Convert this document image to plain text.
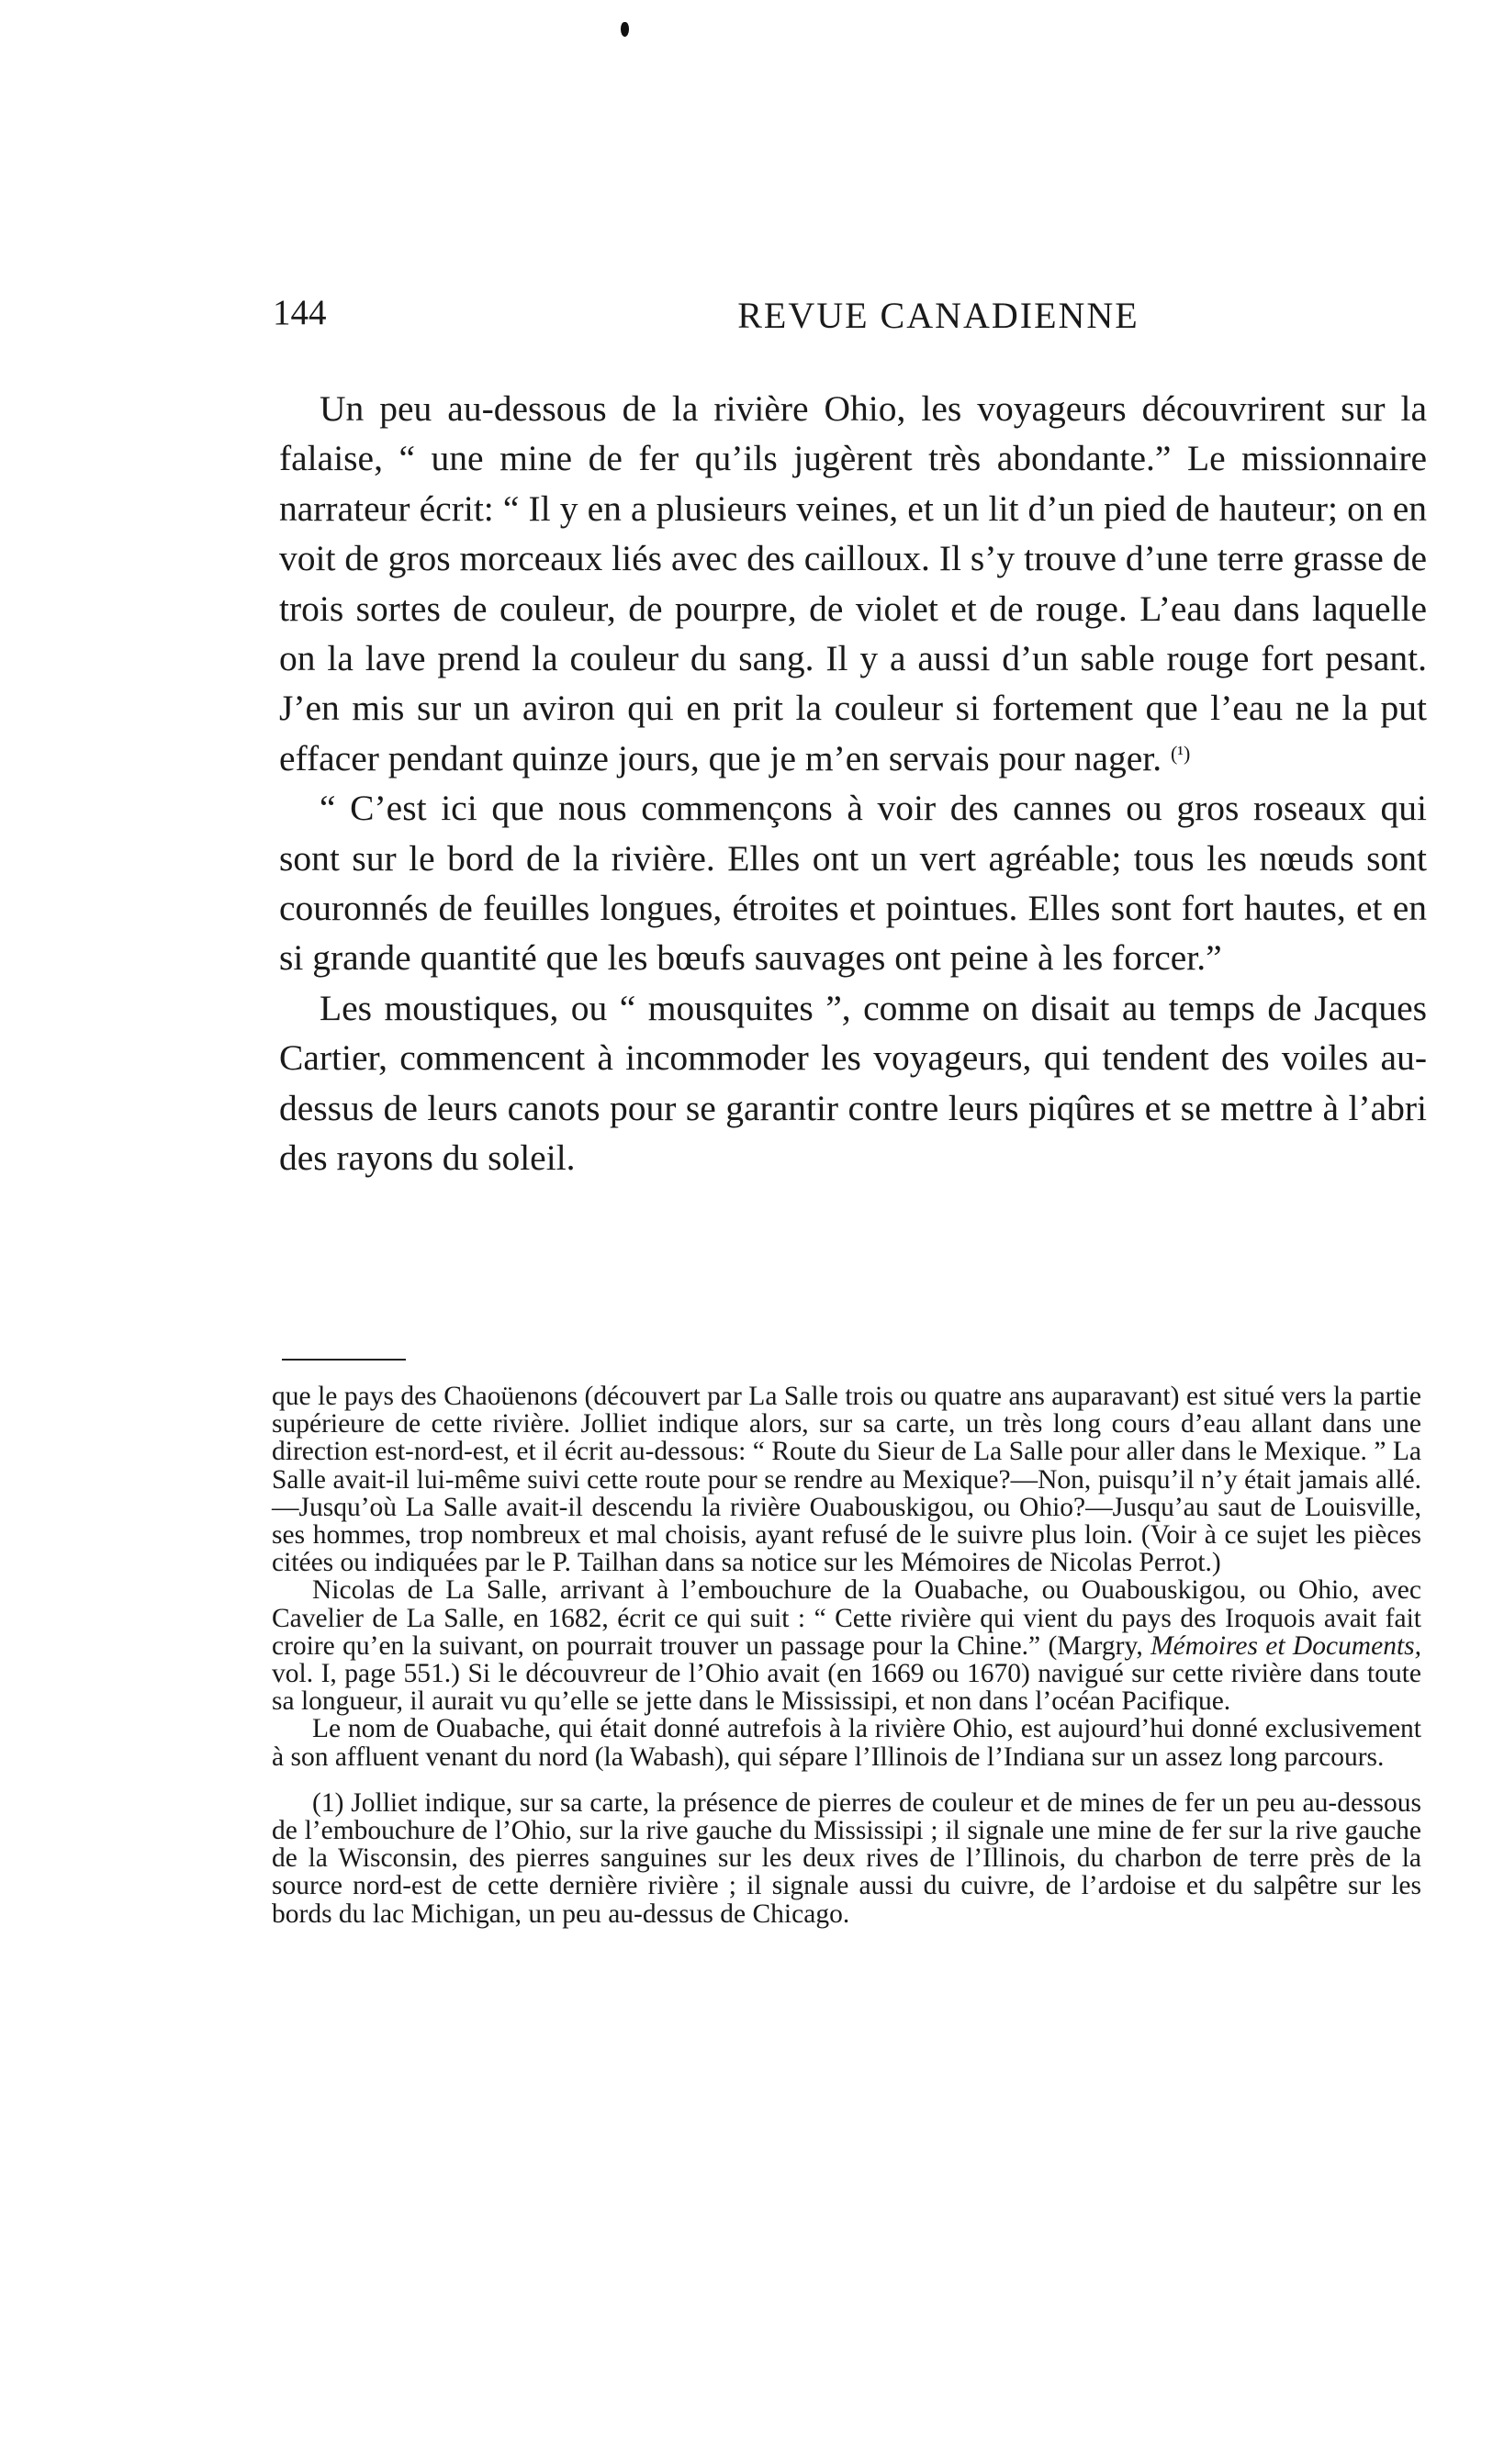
144	REVUE CANADIENNE

Un peu au-dessous de la rivière Ohio, les voyageurs découvrirent sur la falaise, “ une mine de fer qu’ils jugèrent très abondante.” Le missionnaire narrateur écrit: “ Il y en a plusieurs veines, et un lit d’un pied de hauteur; on en voit de gros morceaux liés avec des cailloux. Il s’y trouve d’une terre grasse de trois sortes de couleur, de pourpre, de violet et de rouge. L’eau dans laquelle on la lave prend la couleur du sang. Il y a aussi d’un sable rouge fort pesant. J’en mis sur un aviron qui en prit la couleur si fortement que l’eau ne la put effacer pendant quinze jours, que je m’en servais pour nager. $^{(^1)}$

“ C’est ici que nous commençons à voir des cannes ou gros roseaux qui sont sur le bord de la rivière. Elles ont un vert agréable; tous les nœuds sont couronnés de feuilles longues, étroites et pointues. Elles sont fort hautes, et en si grande quantité que les bœufs sauvages ont peine à les forcer.”

Les moustiques, ou “ mousquites ”, comme on disait au temps de Jacques Cartier, commencent à incommoder les voyageurs, qui tendent des voiles au-dessus de leurs canots pour se garantir contre leurs piqûres et se mettre à l’abri des rayons du soleil.

que le pays des Chaoüenons (découvert par La Salle trois ou quatre ans auparavant) est situé vers la partie supérieure de cette rivière. Jolliet indique alors, sur sa carte, un très long cours d’eau allant dans une direction est-nord-est, et il écrit au-dessous: “ Route du Sieur de La Salle pour aller dans le Mexique. ” La Salle avait-il lui-même suivi cette route pour se rendre au Mexique?—Non, puisqu’il n’y était jamais allé.—Jusqu’où La Salle avait-il descendu la rivière Ouabouskigou, ou Ohio?—Jusqu’au saut de Louisville, ses hommes, trop nombreux et mal choisis, ayant refusé de le suivre plus loin. (Voir à ce sujet les pièces citées ou indiquées par le P. Tailhan dans sa notice sur les Mémoires de Nicolas Perrot.)

Nicolas de La Salle, arrivant à l’embouchure de la Ouabache, ou Ouabouskigou, ou Ohio, avec Cavelier de La Salle, en 1682, écrit ce qui suit : “ Cette rivière qui vient du pays des Iroquois avait fait croire qu’en la suivant, on pourrait trouver un passage pour la Chine.” (Margry, Mémoires et Documents, vol. I, page 551.) Si le découvreur de l’Ohio avait (en 1669 ou 1670) navigué sur cette rivière dans toute sa longueur, il aurait vu qu’elle se jette dans le Mississipi, et non dans l’océan Pacifique.

Le nom de Ouabache, qui était donné autrefois à la rivière Ohio, est aujourd’hui donné exclusivement à son affluent venant du nord (la Wabash), qui sépare l’Illinois de l’Indiana sur un assez long parcours.

(1) Jolliet indique, sur sa carte, la présence de pierres de couleur et de mines de fer un peu au-dessous de l’embouchure de l’Ohio, sur la rive gauche du Mississipi ; il signale une mine de fer sur la rive gauche de la Wisconsin, des pierres sanguines sur les deux rives de l’Illinois, du charbon de terre près de la source nord-est de cette dernière rivière ; il signale aussi du cuivre, de l’ardoise et du salpêtre sur les bords du lac Michigan, un peu au-dessus de Chicago.
